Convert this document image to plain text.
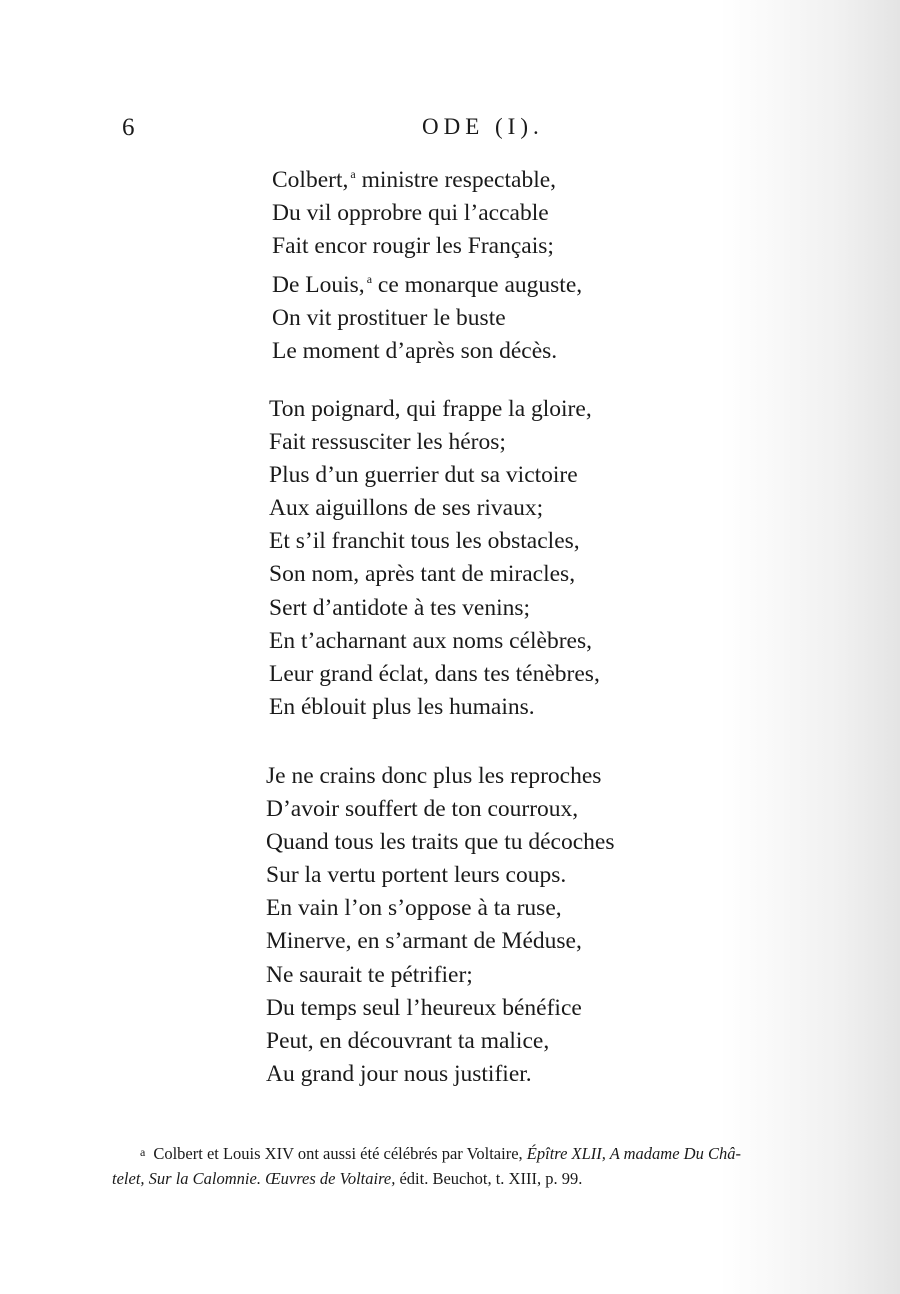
6	ODE (I).
Colbert, $^a$ ministre respectable,
Du vil opprobre qui l’accable
Fait encor rougir les Français;
De Louis, $^a$ ce monarque auguste,
On vit prostituer le buste
Le moment d’après son décès.
Ton poignard, qui frappe la gloire,
Fait ressusciter les héros;
Plus d’un guerrier dut sa victoire
Aux aiguillons de ses rivaux;
Et s’il franchit tous les obstacles,
Son nom, après tant de miracles,
Sert d’antidote à tes venins;
En t’acharnant aux noms célèbres,
Leur grand éclat, dans tes ténèbres,
En éblouit plus les humains.
Je ne crains donc plus les reproches
D’avoir souffert de ton courroux,
Quand tous les traits que tu décoches
Sur la vertu portent leurs coups.
En vain l’on s’oppose à ta ruse,
Minerve, en s’armant de Méduse,
Ne saurait te pétrifier;
Du temps seul l’heureux bénéfice
Peut, en découvrant ta malice,
Au grand jour nous justifier.
a Colbert et Louis XIV ont aussi été célébrés par Voltaire, Épître XLII, A madame Du Châ-
telet, Sur la Calomnie. Œuvres de Voltaire, édit. Beuchot, t. XIII, p. 99.
